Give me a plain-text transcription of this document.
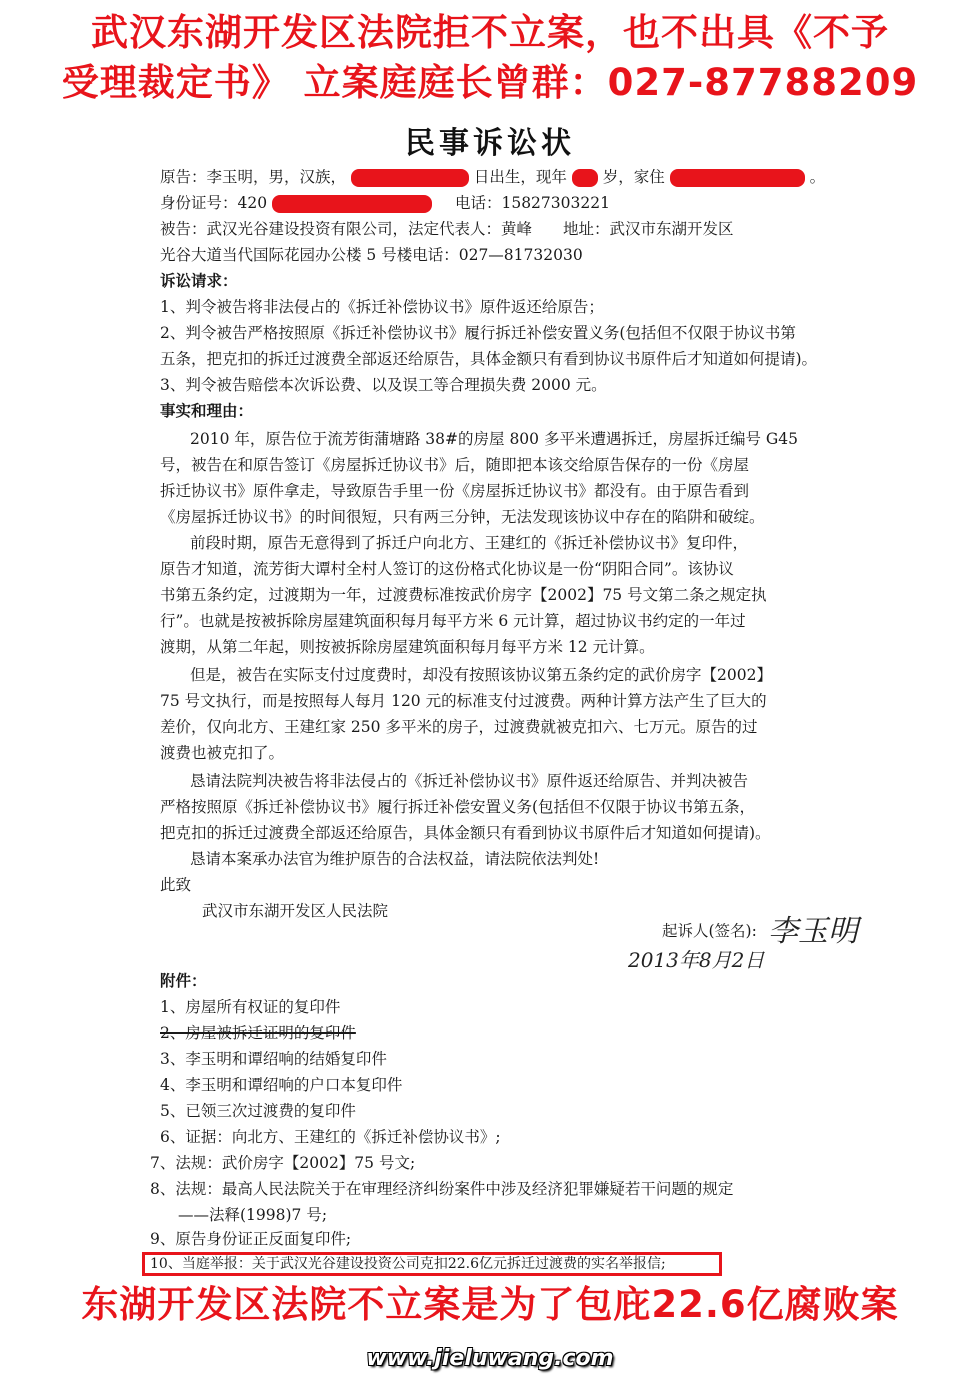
武汉东湖开发区法院拒不立案，也不出具《不予
受理裁定书》 立案庭庭长曾群：027-87788209
民事诉讼状
原告：李玉明，男，汉族，	日出生，现年 岁，家住	。
身份证号：420	电话：15827303221
被告：武汉光谷建设投资有限公司，法定代表人：黄峰　　地址：武汉市东湖开发区
光谷大道当代国际花园办公楼 5 号楼电话：027—81732030
诉讼请求：
1、判令被告将非法侵占的《拆迁补偿协议书》原件返还给原告；
2、判令被告严格按照原《拆迁补偿协议书》履行拆迁补偿安置义务(包括但不仅限于协议书第
五条，把克扣的拆迁过渡费全部返还给原告，具体金额只有看到协议书原件后才知道如何提请)。
3、判令被告赔偿本次诉讼费、以及误工等合理损失费 2000 元。
事实和理由：
2010 年，原告位于流芳街蒲塘路 38#的房屋 800 多平米遭遇拆迁，房屋拆迁编号 G45
号，被告在和原告签订《房屋拆迁协议书》后，随即把本该交给原告保存的一份《房屋
拆迁协议书》原件拿走，导致原告手里一份《房屋拆迁协议书》都没有。由于原告看到
《房屋拆迁协议书》的时间很短，只有两三分钟，无法发现该协议中存在的陷阱和破绽。
前段时期，原告无意得到了拆迁户向北方、王建红的《拆迁补偿协议书》复印件，
原告才知道，流芳街大谭村全村人签订的这份格式化协议是一份“阴阳合同”。该协议
书第五条约定，过渡期为一年，过渡费标准按武价房字【2002】75 号文第二条之规定执
行”。也就是按被拆除房屋建筑面积每月每平方米 6 元计算，超过协议书约定的一年过
渡期，从第二年起，则按被拆除房屋建筑面积每月每平方米 12 元计算。
但是，被告在实际支付过度费时，却没有按照该协议第五条约定的武价房字【2002】
75 号文执行，而是按照每人每月 120 元的标准支付过渡费。两种计算方法产生了巨大的
差价，仅向北方、王建红家 250 多平米的房子，过渡费就被克扣六、七万元。原告的过
渡费也被克扣了。
恳请法院判决被告将非法侵占的《拆迁补偿协议书》原件返还给原告、并判决被告
严格按照原《拆迁补偿协议书》履行拆迁补偿安置义务(包括但不仅限于协议书第五条，
把克扣的拆迁过渡费全部返还给原告，具体金额只有看到协议书原件后才知道如何提请)。
恳请本案承办法官为维护原告的合法权益，请法院依法判处!
此致
武汉市东湖开发区人民法院
起诉人(签名): 李玉明
2013年8月2日
附件：
1、房屋所有权证的复印件
2、房屋被拆迁证明的复印件
3、李玉明和谭绍响的结婚复印件
4、李玉明和谭绍响的户口本复印件
5、已领三次过渡费的复印件
6、证据：向北方、王建红的《拆迁补偿协议书》;
7、法规：武价房字【2002】75 号文;
8、法规：最高人民法院关于在审理经济纠纷案件中涉及经济犯罪嫌疑若干问题的规定
——法释(1998)7 号;
9、原告身份证正反面复印件;
10、当庭举报：关于武汉光谷建设投资公司克扣22.6亿元拆迁过渡费的实名举报信;
东湖开发区法院不立案是为了包庇22.6亿腐败案
www.jieluwang.com
